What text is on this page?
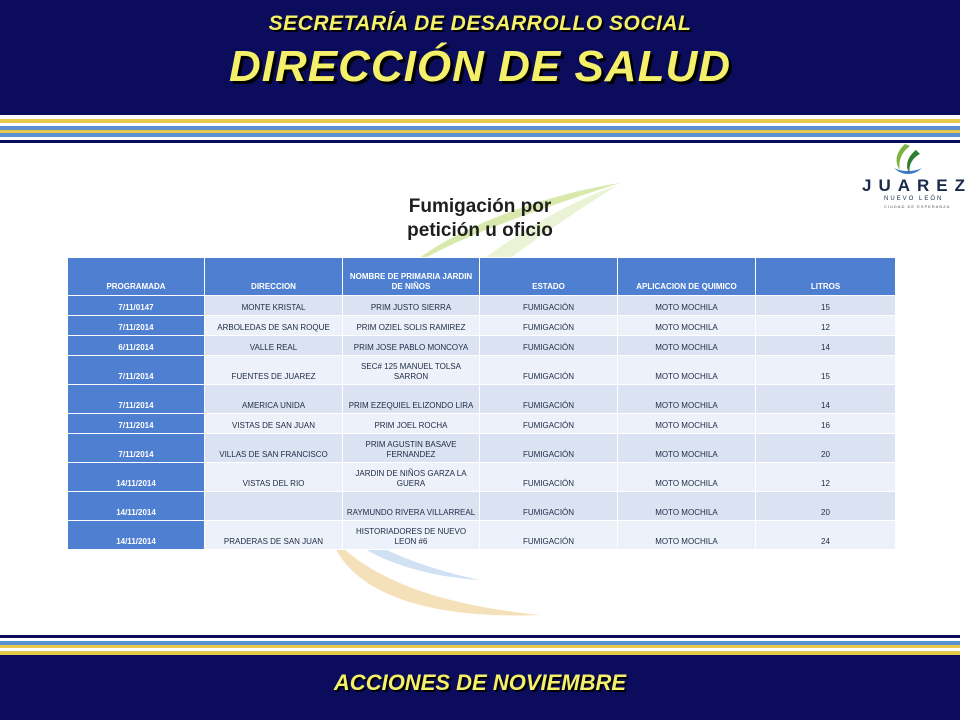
SECRETARÍA DE DESARROLLO SOCIAL
DIRECCIÓN DE SALUD
JUAREZ
NUEVO LEÓN
CIUDAD DE ESPERANZA
Fumigación por
petición u oficio
PROGRAMADA	DIRECCION	NOMBRE DE PRIMARIA JARDIN DE NIÑOS	ESTADO	APLICACION DE QUIMICO	LITROS
7/11/0147	MONTE KRISTAL	PRIM JUSTO SIERRA	FUMIGACIÓN	MOTO MOCHILA	15
7/11/2014	ARBOLEDAS DE SAN ROQUE	PRIM OZIEL SOLIS RAMIREZ	FUMIGACIÓN	MOTO MOCHILA	12
6/11/2014	VALLE REAL	PRIM JOSE PABLO MONCOYA	FUMIGACIÓN	MOTO MOCHILA	14
7/11/2014	FUENTES DE JUAREZ	SEC# 125 MANUEL TOLSA SARRON	FUMIGACIÓN	MOTO MOCHILA	15
7/11/2014	AMERICA UNIDA	PRIM EZEQUIEL ELIZONDO LIRA	FUMIGACIÓN	MOTO MOCHILA	14
7/11/2014	VISTAS DE SAN JUAN	PRIM JOEL ROCHA	FUMIGACIÓN	MOTO MOCHILA	16
7/11/2014	VILLAS DE SAN FRANCISCO	PRIM AGUSTIN BASAVE FERNANDEZ	FUMIGACIÓN	MOTO MOCHILA	20
14/11/2014	VISTAS DEL RIO	JARDIN DE NIÑOS GARZA LA GUERA	FUMIGACIÓN	MOTO MOCHILA	12
14/11/2014		RAYMUNDO RIVERA VILLARREAL	FUMIGACIÓN	MOTO MOCHILA	20
14/11/2014	PRADERAS DE SAN JUAN	HISTORIADORES DE NUEVO LEON #6	FUMIGACIÓN	MOTO MOCHILA	24
ACCIONES DE NOVIEMBRE
